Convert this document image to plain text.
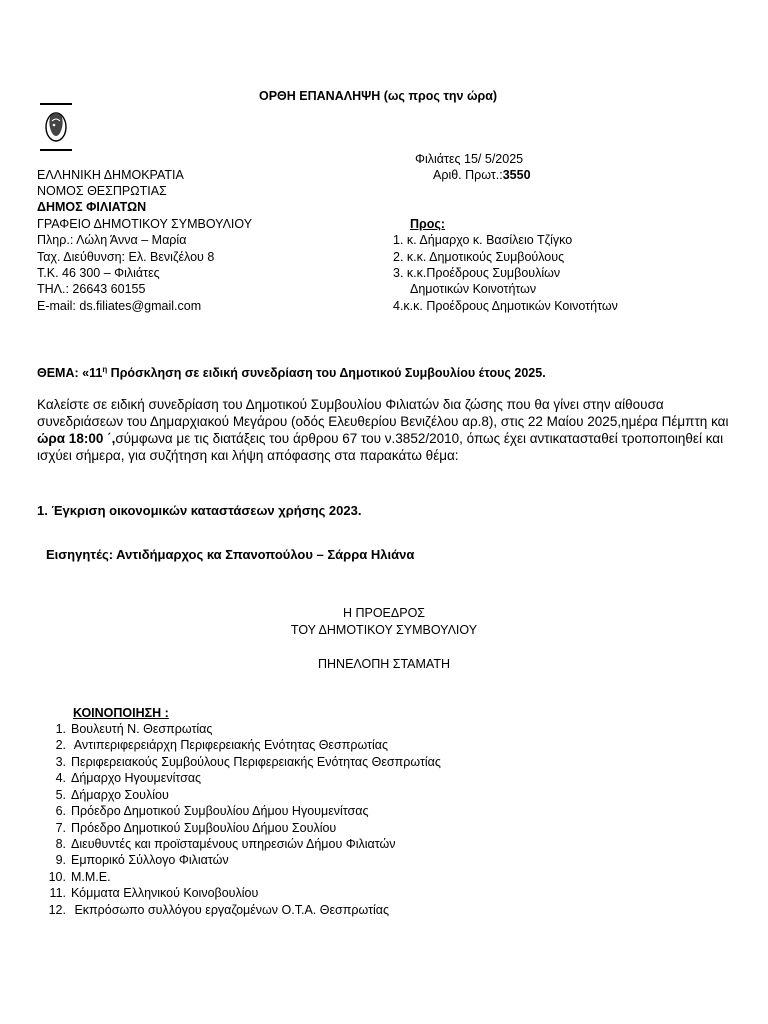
ΟΡΘΗ ΕΠΑΝΑΛΗΨΗ (ως προς την ώρα)
Φιλιάτες 15/ 5/2025
Αριθ. Πρωτ.:3550
ΕΛΛΗΝΙΚΗ ΔΗΜΟΚΡΑΤΙΑ
ΝΟΜΟΣ ΘΕΣΠΡΩΤΙΑΣ
ΔΗΜΟΣ ΦΙΛΙΑΤΩΝ
ΓΡΑΦΕΙΟ ΔΗΜΟΤΙΚΟΥ ΣΥΜΒΟΥΛΙΟΥ
Πληρ.: Λώλη Άννα – Μαρία
Ταχ. Διεύθυνση: Ελ. Βενιζέλου 8
Τ.Κ. 46 300 – Φιλιάτες
ΤΗΛ.: 26643 60155
E-mail: ds.filiates@gmail.com
Προς:
1. κ. Δήμαρχο κ. Βασίλειο Τζίγκο
2. κ.κ. Δημοτικούς Συμβούλους
3. κ.κ.Προέδρους Συμβουλίων
Δημοτικών Κοινοτήτων
4.κ.κ. Προέδρους Δημοτικών Κοινοτήτων
ΘΕΜΑ: «$11^\eta$ Πρόσκληση σε ειδική συνεδρίαση του Δημοτικού Συμβουλίου έτους 2025.
Καλείστε σε ειδική συνεδρίαση του Δημοτικού Συμβουλίου Φιλιατών δια ζώσης που θα γίνει στην αίθουσα συνεδριάσεων του Δημαρχιακού Μεγάρου (οδός Ελευθερίου Βενιζέλου αρ.8), στις 22 Μαίου 2025,ημέρα Πέμπτη και ώρα 18:00 ΄,σύμφωνα με τις διατάξεις του άρθρου 67 του ν.3852/2010, όπως έχει αντικατασταθεί τροποποιηθεί και ισχύει σήμερα, για συζήτηση και λήψη απόφασης στα παρακάτω θέμα:
1. Έγκριση οικονομικών καταστάσεων χρήσης 2023.
Εισηγητές: Αντιδήμαρχος κα Σπανοπούλου – Σάρρα Ηλιάνα
Η ΠΡΟΕΔΡΟΣ
ΤΟΥ ΔΗΜΟΤΙΚΟΥ ΣΥΜΒΟΥΛΙΟΥ
ΠΗΝΕΛΟΠΗ ΣΤΑΜΑΤΗ
ΚΟΙΝΟΠΟΙΗΣΗ :
1. Βουλευτή Ν. Θεσπρωτίας
2. Αντιπεριφερειάρχη Περιφερειακής Ενότητας Θεσπρωτίας
3. Περιφερειακούς Συμβούλους Περιφερειακής Ενότητας Θεσπρωτίας
4. Δήμαρχο Ηγουμενίτσας
5. Δήμαρχο Σουλίου
6. Πρόεδρο Δημοτικού Συμβουλίου Δήμου Ηγουμενίτσας
7. Πρόεδρο Δημοτικού Συμβουλίου Δήμου Σουλίου
8. Διευθυντές και προϊσταμένους υπηρεσιών Δήμου Φιλιατών
9. Εμπορικό Σύλλογο Φιλιατών
10. Μ.Μ.Ε.
11. Κόμματα Ελληνικού Κοινοβουλίου
12. Εκπρόσωπο συλλόγου εργαζομένων Ο.Τ.Α. Θεσπρωτίας
